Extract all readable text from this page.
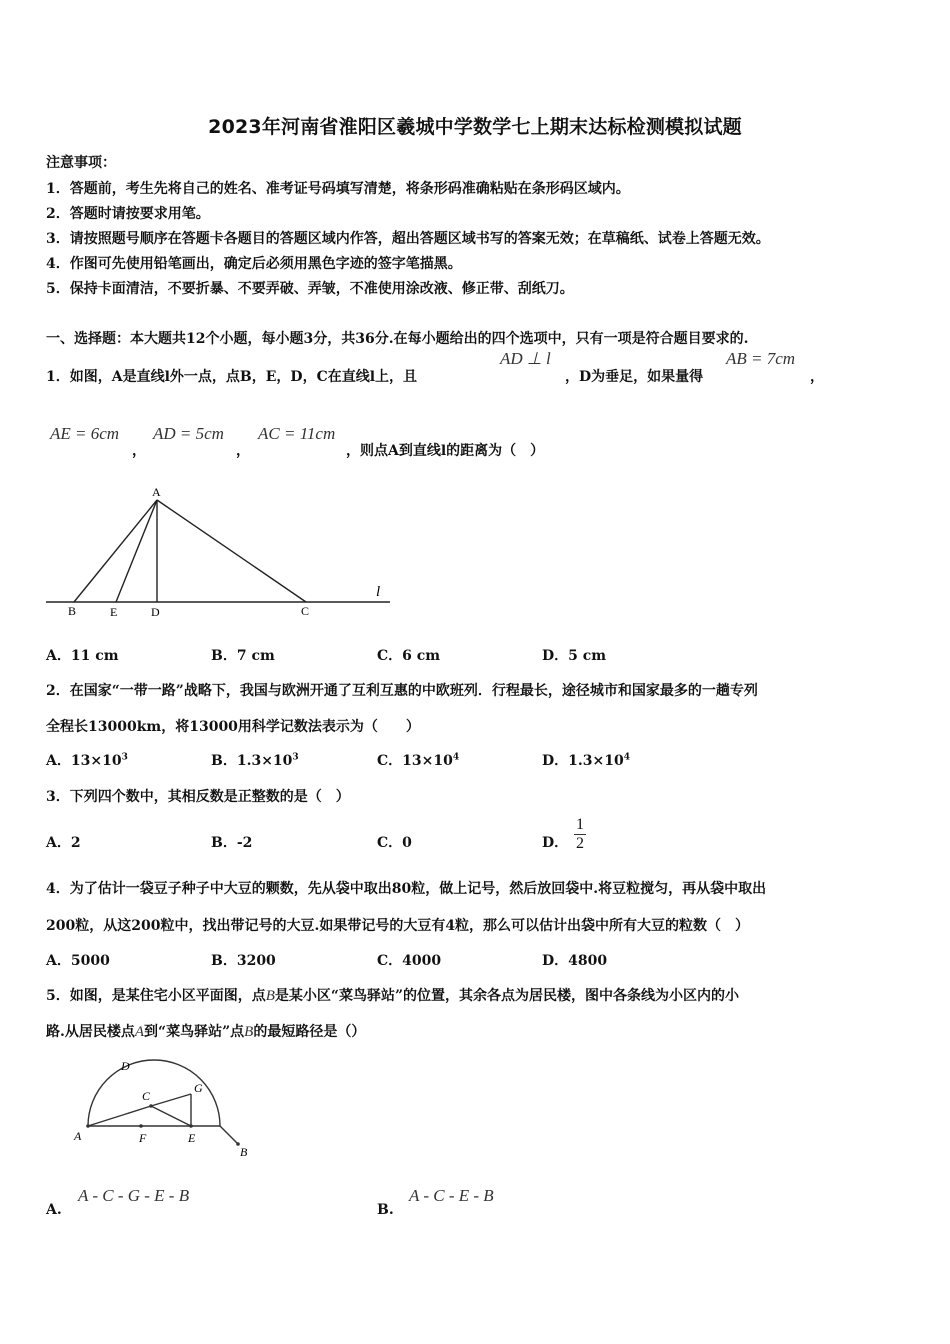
2023年河南省淮阳区羲城中学数学七上期末达标检测模拟试题
注意事项：
1．答题前，考生先将自己的姓名、准考证号码填写清楚，将条形码准确粘贴在条形码区域内。
2．答题时请按要求用笔。
3．请按照题号顺序在答题卡各题目的答题区域内作答，超出答题区域书写的答案无效；在草稿纸、试卷上答题无效。
4．作图可先使用铅笔画出，确定后必须用黑色字迹的签字笔描黑。
5．保持卡面清洁，不要折暴、不要弄破、弄皱，不准使用涂改液、修正带、刮纸刀。
一、选择题：本大题共12个小题，每小题3分，共36分.在每小题给出的四个选项中，只有一项是符合题目要求的.
1．如图，A是直线l外一点，点B，E，D，C在直线l上，且
AD ⊥ l
，D为垂足，如果量得
AB = 7cm
，
AE = 6cm
，
AD = 5cm
，
AC = 11cm
，则点A到直线l的距离为（　）
A
B	E	D	C
l
A．11 cm	B．7 cm	C．6 cm	D．5 cm
2．在国家“一带一路”战略下，我国与欧洲开通了互利互惠的中欧班列．行程最长，途径城市和国家最多的一趟专列
全程长13000km，将13000用科学记数法表示为（　　）
A．$13\times 10^3$	B．$1.3\times 10^3$	C．$13\times 10^4$	D．$1.3\times 10^4$
3．下列四个数中，其相反数是正整数的是（　）
A．2	B．-2	C．0	D． $\frac{1}{2}$
4．为了估计一袋豆子种子中大豆的颗数，先从袋中取出80粒，做上记号，然后放回袋中.将豆粒搅匀，再从袋中取出
200粒，从这200粒中，找出带记号的大豆.如果带记号的大豆有4粒，那么可以估计出袋中所有大豆的粒数（　）
A．5000	B．3200	C．4000	D．4800
5．如图，是某住宅小区平面图，点B是某小区“菜鸟驿站”的位置，其余各点为居民楼，图中各条线为小区内的小
路.从居民楼点A到“菜鸟驿站”点B的最短路径是（）
D
G
C
A	F	E
B
A.
A - C - G - E - B
B.
A - C - E - B
